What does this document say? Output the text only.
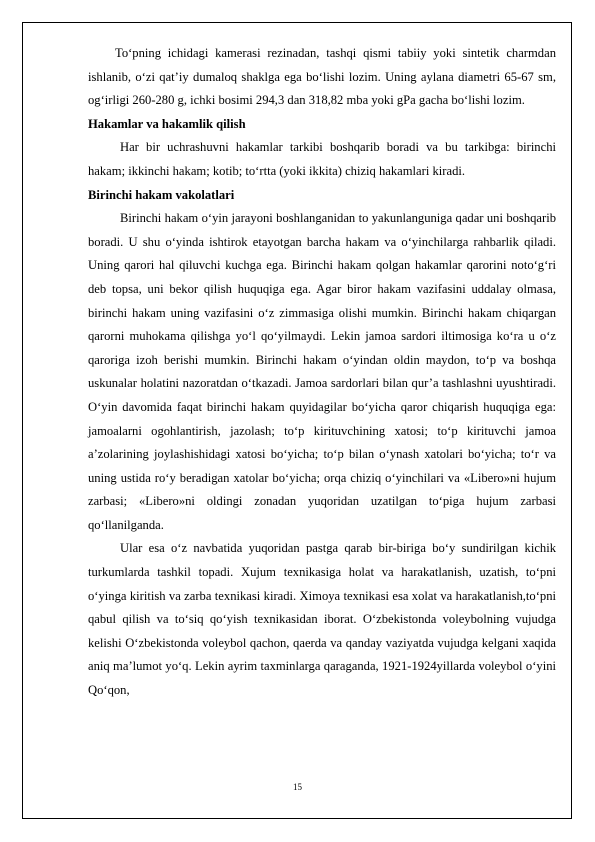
To‘pning ichidagi kamerasi rezinadan, tashqi qismi tabiiy yoki sintetik charmdan ishlanib, o‘zi qat’iy dumaloq shaklga ega bo‘lishi lozim. Uning aylana diametri 65-67 sm, og‘irligi 260-280 g, ichki bosimi 294,3 dan 318,82 mba yoki gPa gacha bo‘lishi lozim.

Hakamlar va hakamlik qilish

Har bir uchrashuvni hakamlar tarkibi boshqarib boradi va bu tarkibga: birinchi hakam; ikkinchi hakam; kotib; to‘rtta (yoki ikkita) chiziq hakamlari kiradi.

Birinchi hakam vakolatlari

Birinchi hakam o‘yin jarayoni boshlanganidan to yakunlanguniga qadar uni boshqarib boradi. U shu o‘yinda ishtirok etayotgan barcha hakam va o‘yinchilarga rahbarlik qiladi. Uning qarori hal qiluvchi kuchga ega. Birinchi hakam qolgan hakamlar qarorini noto‘g‘ri deb topsa, uni bekor qilish huquqiga ega. Agar biror hakam vazifasini uddalay olmasa, birinchi hakam uning vazifasini o‘z zimmasiga olishi mumkin. Birinchi hakam chiqargan qarorni muhokama qilishga yo‘l qo‘yilmaydi. Lekin jamoa sardori iltimosiga ko‘ra u o‘z qaroriga izoh berishi mumkin. Birinchi hakam o‘yindan oldin maydon, to‘p va boshqa uskunalar holatini nazoratdan o‘tkazadi. Jamoa sardorlari bilan qur’a tashlashni uyushtiradi. O‘yin davomida faqat birinchi hakam quyidagilar bo‘yicha qaror chiqarish huquqiga ega: jamoalarni ogohlantirish, jazolash; to‘p kirituvchining xatosi; to‘p kirituvchi jamoa a’zolarining joylashishidagi xatosi bo‘yicha; to‘p bilan o‘ynash xatolari bo‘yicha; to‘r va uning ustida ro‘y beradigan xatolar bo‘yicha; orqa chiziq o‘yinchilari va «Libero»ni hujum zarbasi; «Libero»ni oldingi zonadan yuqoridan uzatilgan to‘piga hujum zarbasi qo‘llanilganda.

Ular esa o‘z navbatida yuqoridan pastga qarab bir-biriga bo‘y sundirilgan kichik turkumlarda tashkil topadi. Xujum texnikasiga holat va harakatlanish, uzatish, to‘pni o‘yinga kiritish va zarba texnikasi kiradi. Ximoya texnikasi esa xolat va harakatlanish,to‘pni qabul qilish va to‘siq qo‘yish texnikasidan iborat. O‘zbekistonda voleybolning vujudga kelishi O‘zbekistonda voleybol qachon, qaerda va qanday vaziyatda vujudga kelgani xaqida aniq ma’lumot yo‘q. Lekin ayrim taxminlarga qaraganda, 1921-1924yillarda voleybol o‘yini Qo‘qon,

15
